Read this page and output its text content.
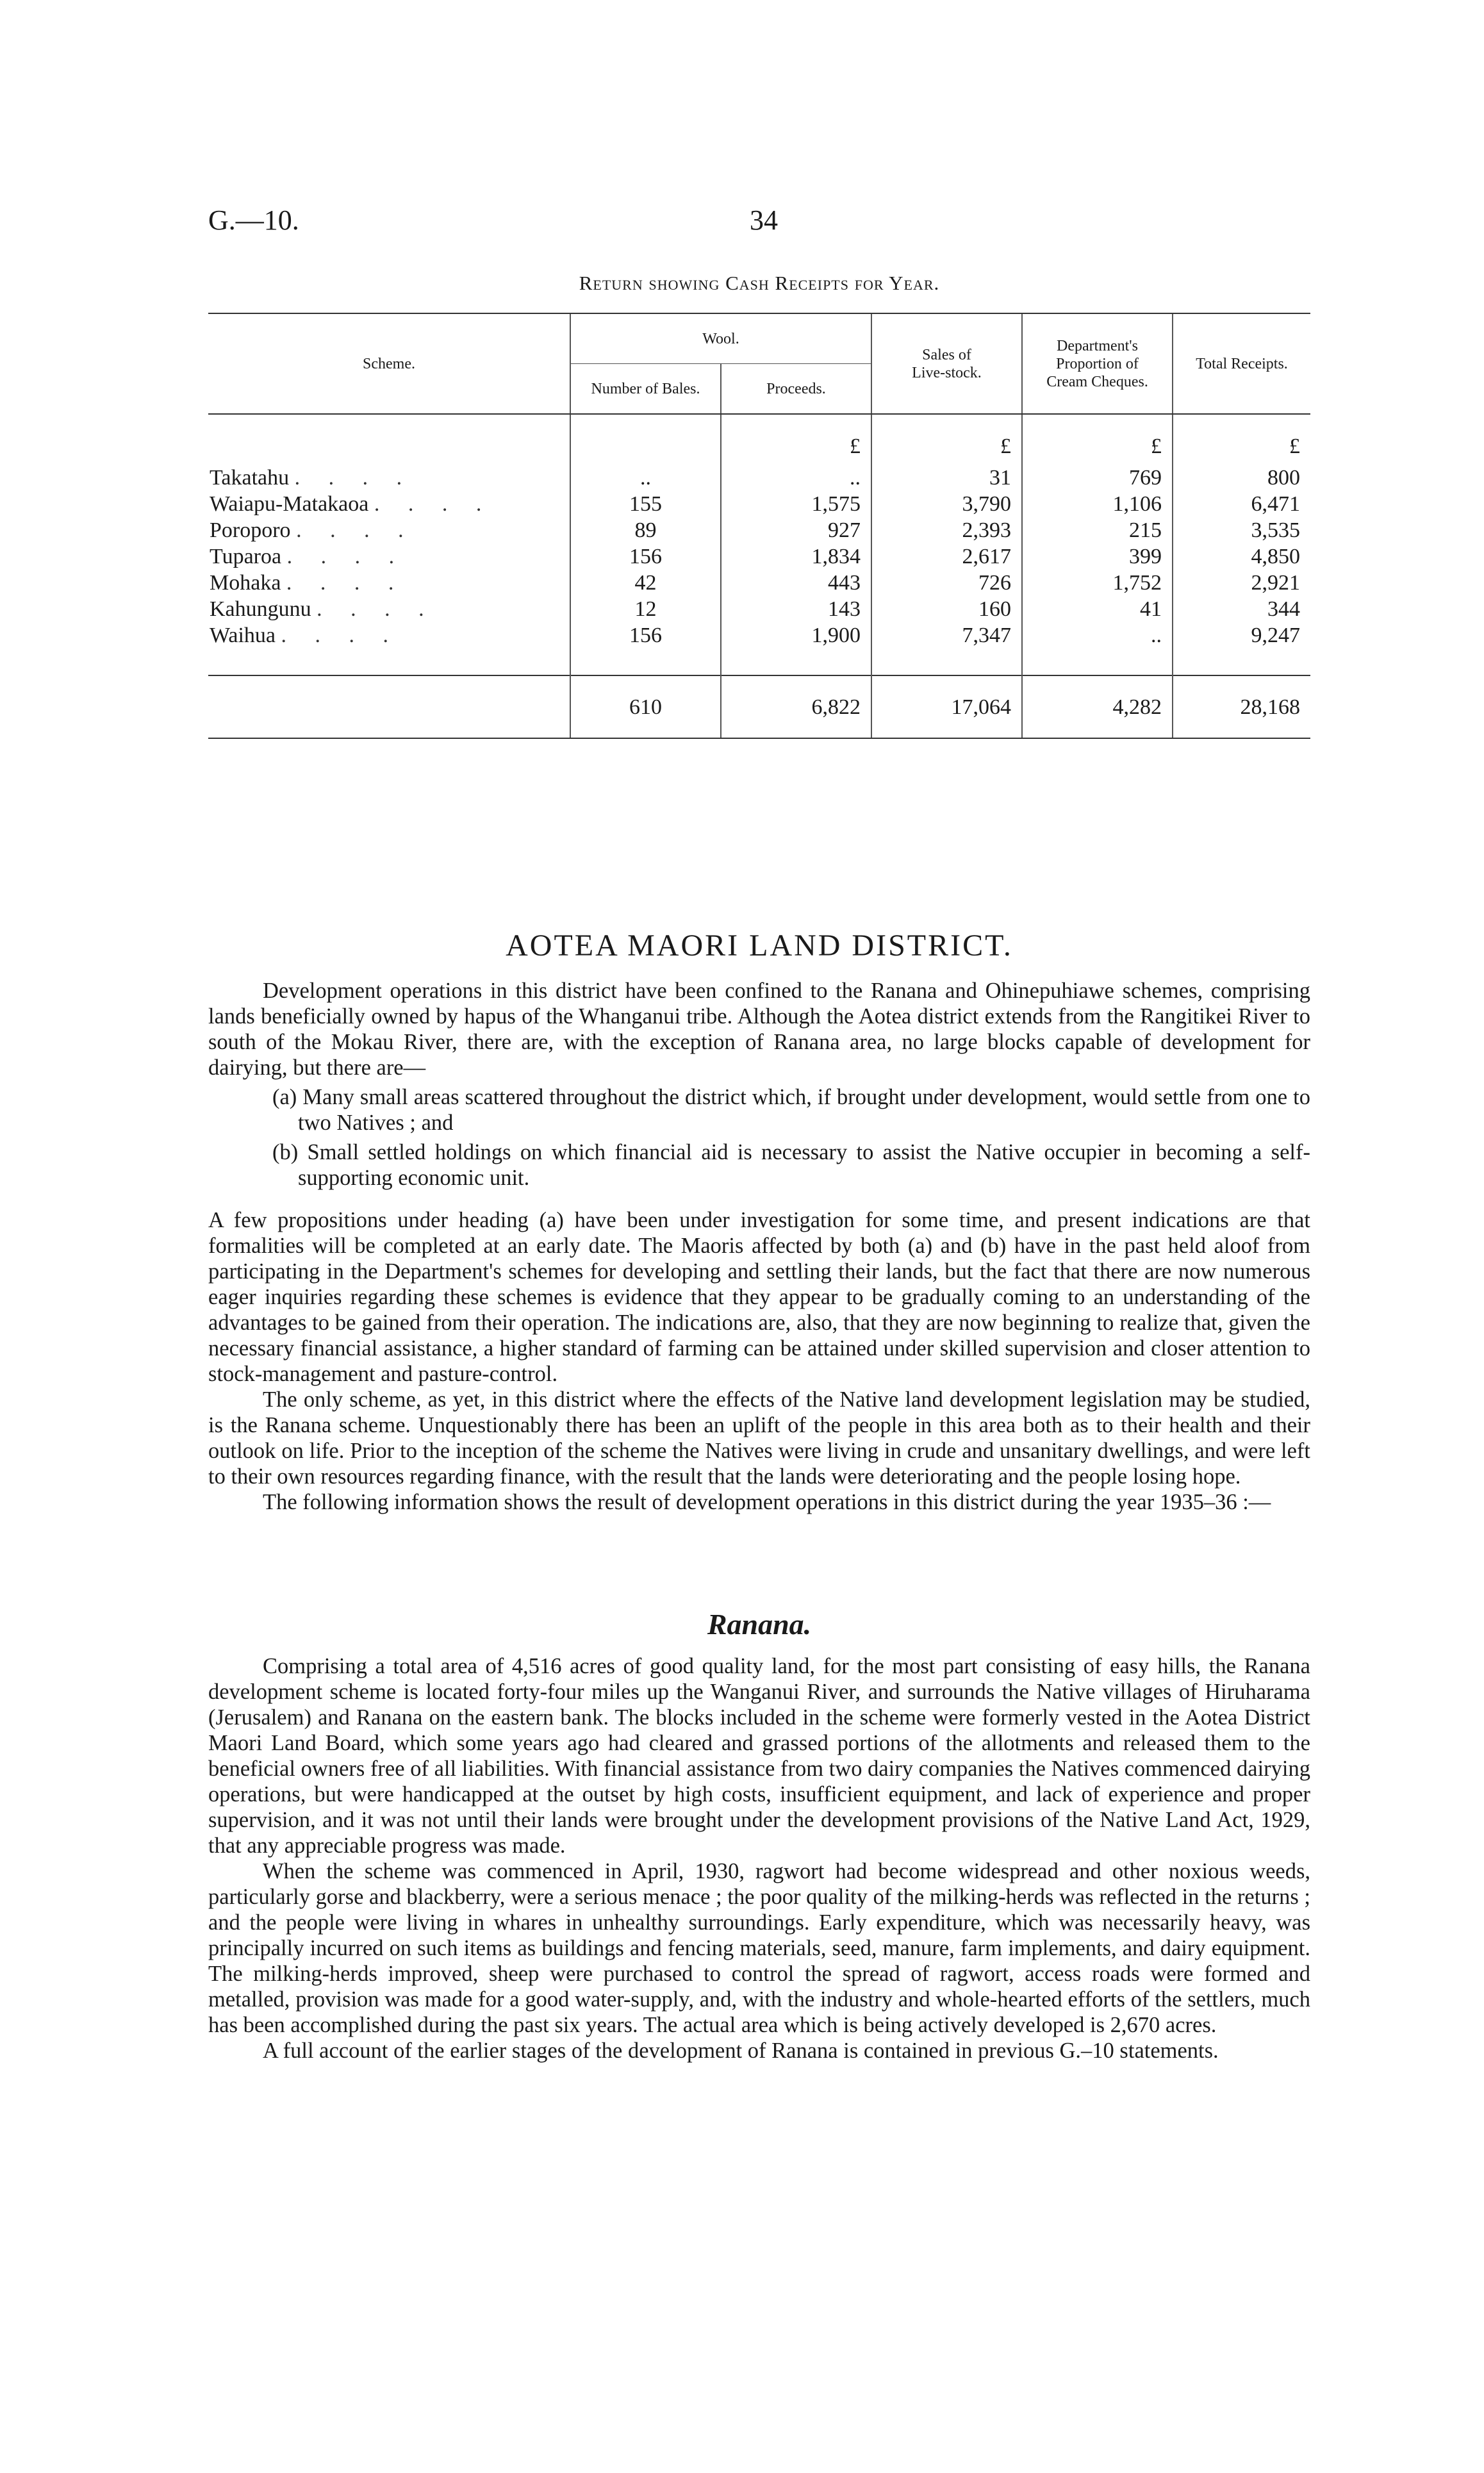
G.—10.	34
Return showing Cash Receipts for Year.
Scheme.	Wool.		Sales of Live-stock.	Department's Proportion of Cream Cheques.	Total Receipts.
	Number of Bales.	Proceeds.			
		£	£	£	£
Takatahu . . . .	..	..	31	769	800
Waiapu-Matakaoa . . . .	155	1,575	3,790	1,106	6,471
Poroporo . . . .	89	927	2,393	215	3,535
Tuparoa . . . .	156	1,834	2,617	399	4,850
Mohaka . . . .	42	443	726	1,752	2,921
Kahungunu . . . .	12	143	160	41	344
Waihua . . . .	156	1,900	7,347	..	9,247

	610	6,822	17,064	4,282	28,168
AOTEA MAORI LAND DISTRICT.

Development operations in this district have been confined to the Ranana and Ohinepuhiawe schemes, comprising lands beneficially owned by hapus of the Whanganui tribe. Although the Aotea district extends from the Rangitikei River to south of the Mokau River, there are, with the exception of Ranana area, no large blocks capable of development for dairying, but there are—

(a) Many small areas scattered throughout the district which, if brought under development, would settle from one to two Natives ; and

(b) Small settled holdings on which financial aid is necessary to assist the Native occupier in becoming a self-supporting economic unit.

A few propositions under heading (a) have been under investigation for some time, and present indications are that formalities will be completed at an early date. The Maoris affected by both (a) and (b) have in the past held aloof from participating in the Department's schemes for developing and settling their lands, but the fact that there are now numerous eager inquiries regarding these schemes is evidence that they appear to be gradually coming to an understanding of the advantages to be gained from their operation. The indications are, also, that they are now beginning to realize that, given the necessary financial assistance, a higher standard of farming can be attained under skilled supervision and closer attention to stock-management and pasture-control.

The only scheme, as yet, in this district where the effects of the Native land development legislation may be studied, is the Ranana scheme. Unquestionably there has been an uplift of the people in this area both as to their health and their outlook on life. Prior to the inception of the scheme the Natives were living in crude and unsanitary dwellings, and were left to their own resources regarding finance, with the result that the lands were deteriorating and the people losing hope.

The following information shows the result of development operations in this district during the year 1935–36 :—

Ranana.

Comprising a total area of 4,516 acres of good quality land, for the most part consisting of easy hills, the Ranana development scheme is located forty-four miles up the Wanganui River, and surrounds the Native villages of Hiruharama (Jerusalem) and Ranana on the eastern bank. The blocks included in the scheme were formerly vested in the Aotea District Maori Land Board, which some years ago had cleared and grassed portions of the allotments and released them to the beneficial owners free of all liabilities. With financial assistance from two dairy companies the Natives commenced dairying operations, but were handicapped at the outset by high costs, insufficient equipment, and lack of experience and proper supervision, and it was not until their lands were brought under the development provisions of the Native Land Act, 1929, that any appreciable progress was made.

When the scheme was commenced in April, 1930, ragwort had become widespread and other noxious weeds, particularly gorse and blackberry, were a serious menace ; the poor quality of the milking-herds was reflected in the returns ; and the people were living in whares in unhealthy surroundings. Early expenditure, which was necessarily heavy, was principally incurred on such items as buildings and fencing materials, seed, manure, farm implements, and dairy equipment. The milking-herds improved, sheep were purchased to control the spread of ragwort, access roads were formed and metalled, provision was made for a good water-supply, and, with the industry and whole-hearted efforts of the settlers, much has been accomplished during the past six years. The actual area which is being actively developed is 2,670 acres.

A full account of the earlier stages of the development of Ranana is contained in previous G.–10 statements.
